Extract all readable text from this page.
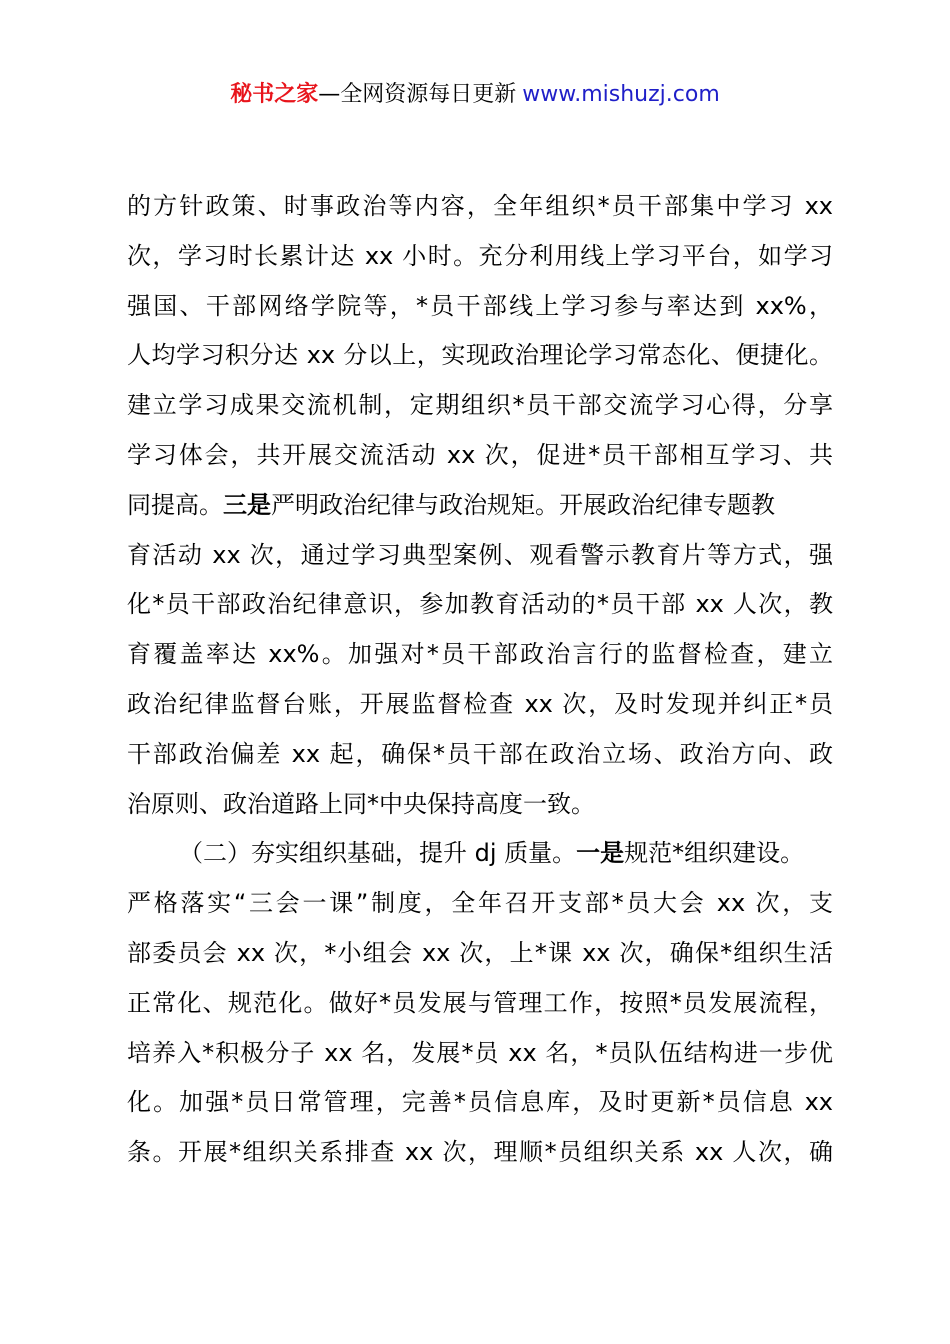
秘书之家—全网资源每日更新 www.mishuzj.com
的方针政策、时事政治等内容，全年组织*员干部集中学习 xx
次，学习时长累计达 xx 小时。充分利用线上学习平台，如学习
强国、干部网络学院等，*员干部线上学习参与率达到 xx%，
人均学习积分达 xx 分以上，实现政治理论学习常态化、便捷化。
建立学习成果交流机制，定期组织*员干部交流学习心得，分享
学习体会，共开展交流活动 xx 次，促进*员干部相互学习、共
同提高。三是严明政治纪律与政治规矩。开展政治纪律专题教
育活动 xx 次，通过学习典型案例、观看警示教育片等方式，强
化*员干部政治纪律意识，参加教育活动的*员干部 xx 人次，教
育覆盖率达 xx%。加强对*员干部政治言行的监督检查，建立
政治纪律监督台账，开展监督检查 xx 次，及时发现并纠正*员
干部政治偏差 xx 起，确保*员干部在政治立场、政治方向、政
治原则、政治道路上同*中央保持高度一致。
（二）夯实组织基础，提升 dj 质量。一是规范*组织建设。
严格落实“三会一课”制度，全年召开支部*员大会 xx 次，支
部委员会 xx 次，*小组会 xx 次，上*课 xx 次，确保*组织生活
正常化、规范化。做好*员发展与管理工作，按照*员发展流程，
培养入*积极分子 xx 名，发展*员 xx 名，*员队伍结构进一步优
化。加强*员日常管理，完善*员信息库，及时更新*员信息 xx
条。开展*组织关系排查 xx 次，理顺*员组织关系 xx 人次，确
